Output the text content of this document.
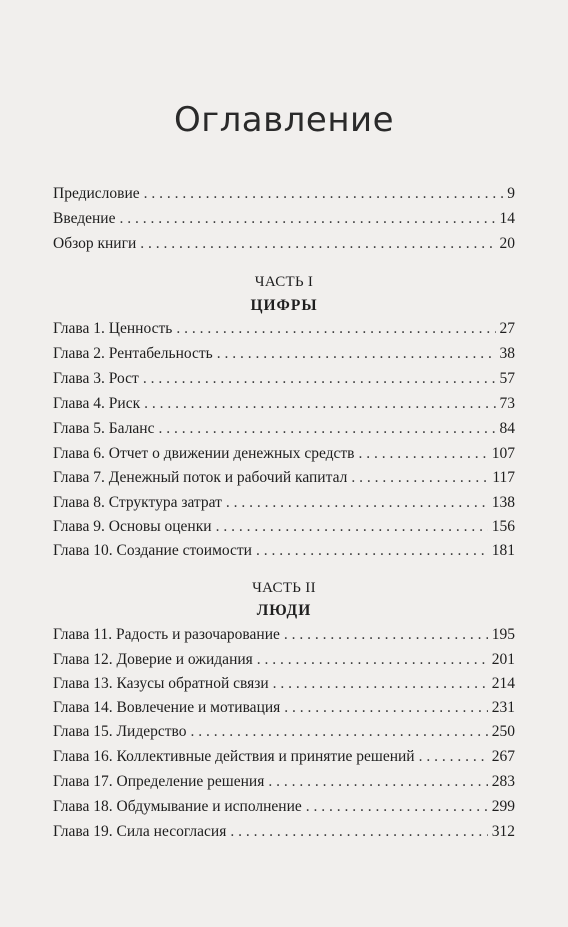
Оглавление
Предисловие . . .	9
Введение . . .	14
Обзор книги . . .	20
ЧАСТЬ I
ЦИФРЫ
Глава 1. Ценность . . .	27
Глава 2. Рентабельность . . .	38
Глава 3. Рост . . .	57
Глава 4. Риск . . .	73
Глава 5. Баланс . . .	84
Глава 6. Отчет о движении денежных средств . . .	107
Глава 7. Денежный поток и рабочий капитал . . .	117
Глава 8. Структура затрат . . .	138
Глава 9. Основы оценки . . .	156
Глава 10. Создание стоимости . . .	181
ЧАСТЬ II
ЛЮДИ
Глава 11. Радость и разочарование . . .	195
Глава 12. Доверие и ожидания . . .	201
Глава 13. Казусы обратной связи . . .	214
Глава 14. Вовлечение и мотивация . . .	231
Глава 15. Лидерство . . .	250
Глава 16. Коллективные действия и принятие решений . . .	267
Глава 17. Определение решения . . .	283
Глава 18. Обдумывание и исполнение . . .	299
Глава 19. Сила несогласия . . .	312
